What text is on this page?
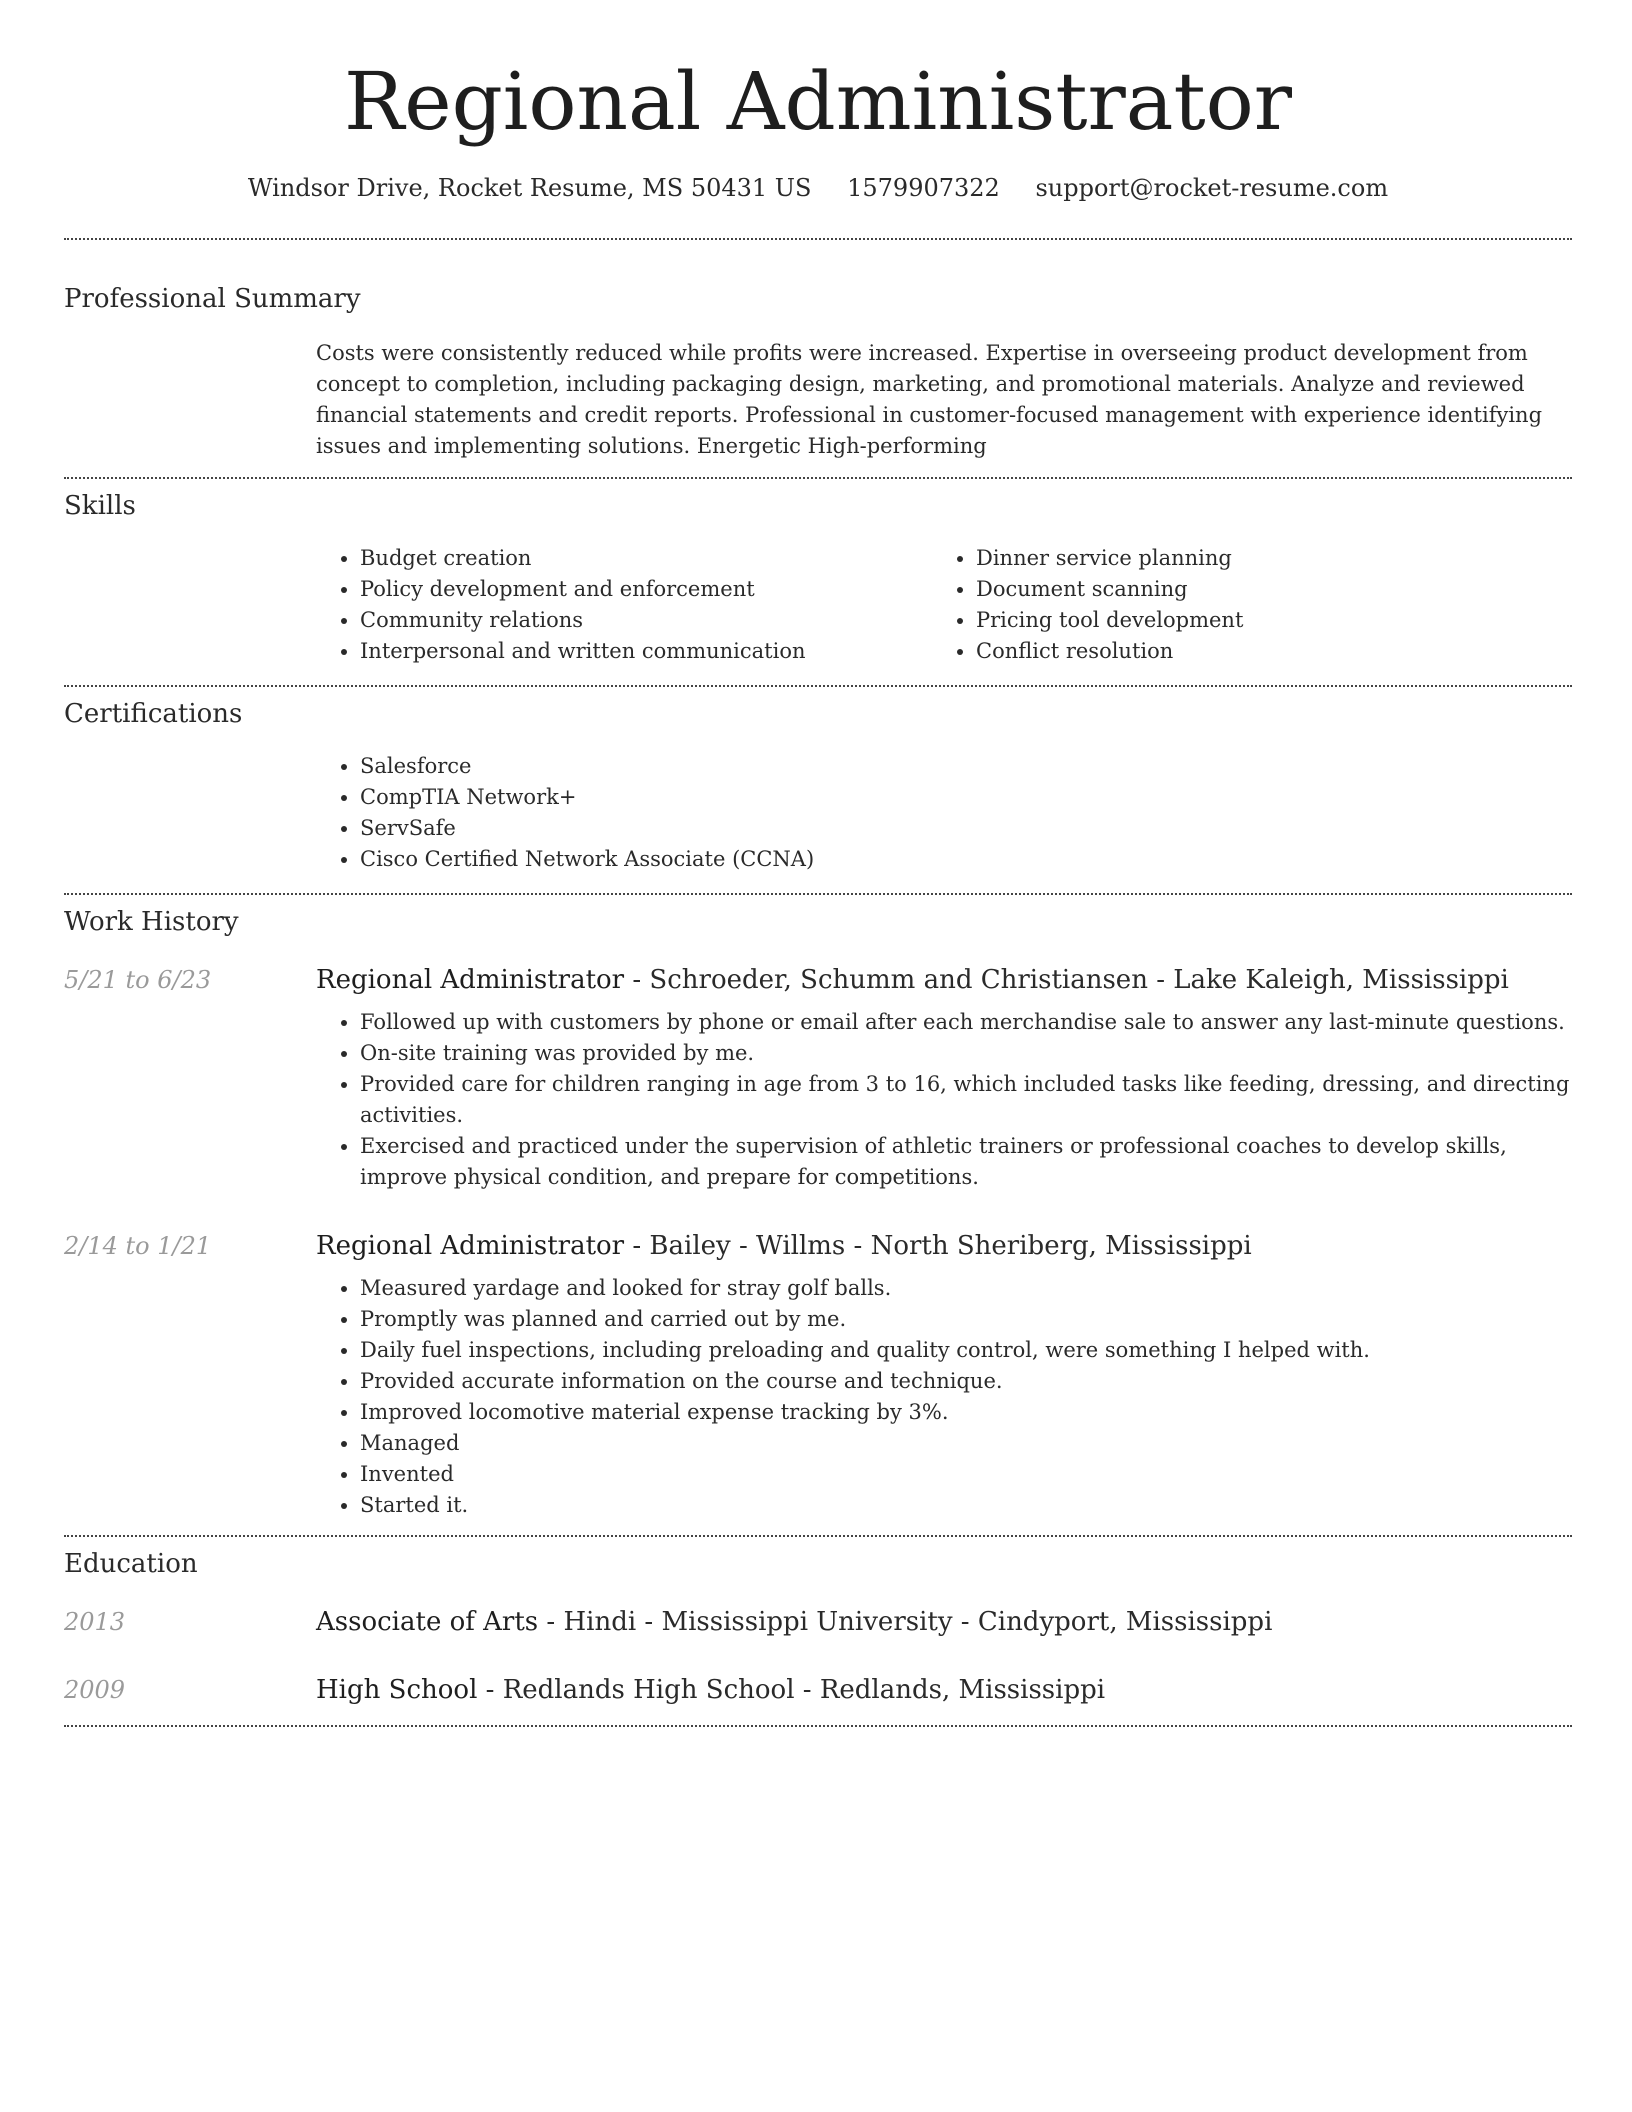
Regional Administrator
Windsor Drive, Rocket Resume, MS 50431 US 1579907322 support@rocket-resume.com
Professional Summary

Costs were consistently reduced while profits were increased. Expertise in overseeing product development from concept to completion, including packaging design, marketing, and promotional materials. Analyze and reviewed financial statements and credit reports. Professional in customer-focused management with experience identifying issues and implementing solutions. Energetic High-performing

Skills
• Budget creation
• Policy development and enforcement
• Community relations
• Interpersonal and written communication
• Dinner service planning
• Document scanning
• Pricing tool development
• Conflict resolution
Certifications
• Salesforce
• CompTIA Network+
• ServSafe
• Cisco Certified Network Associate (CCNA)
Work History
5/21 to 6/23	Regional Administrator - Schroeder, Schumm and Christiansen - Lake Kaleigh, Mississippi
• Followed up with customers by phone or email after each merchandise sale to answer any last-minute questions.
• On-site training was provided by me.
• Provided care for children ranging in age from 3 to 16, which included tasks like feeding, dressing, and directing activities.
• Exercised and practiced under the supervision of athletic trainers or professional coaches to develop skills, improve physical condition, and prepare for competitions.
2/14 to 1/21	Regional Administrator - Bailey - Willms - North Sheriberg, Mississippi
• Measured yardage and looked for stray golf balls.
• Promptly was planned and carried out by me.
• Daily fuel inspections, including preloading and quality control, were something I helped with.
• Provided accurate information on the course and technique.
• Improved locomotive material expense tracking by 3%.
• Managed
• Invented
• Started it.
Education
2013	Associate of Arts - Hindi - Mississippi University - Cindyport, Mississippi
2009	High School - Redlands High School - Redlands, Mississippi
